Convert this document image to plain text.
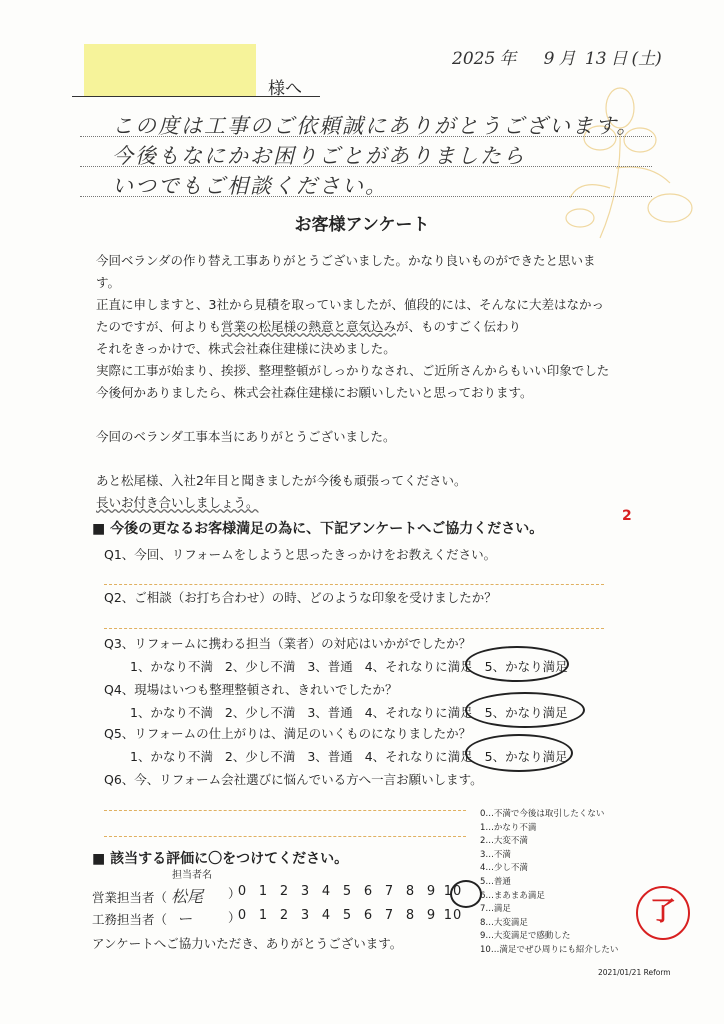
2025 年 9 月 13 日 (土)
様へ
この度は工事のご依頼誠にありがとうございます。
今後もなにかお困りごとがありましたら
いつでもご相談ください。
お客様アンケート

今回ベランダの作り替え工事ありがとうございました。かなり良いものができたと思いま

す。

正直に申しますと、3社から見積を取っていましたが、値段的には、そんなに大差はなかっ

たのですが、何よりも営業の松尾様の熱意と意気込みが、ものすごく伝わり

それをきっかけで、株式会社森住建様に決めました。

実際に工事が始まり、挨拶、整理整頓がしっかりなされ、ご近所さんからもいい印象でした

今後何かありましたら、株式会社森住建様にお願いしたいと思っております。

今回のベランダ工事本当にありがとうございました。

あと松尾様、入社2年目と聞きましたが今後も頑張ってください。

長いお付き合いしましょう。

■ 今後の更なるお客様満足の為に、下記アンケートへご協力ください。
2
Q1、今回、リフォームをしようと思ったきっかけをお教えください。
Q2、ご相談（お打ち合わせ）の時、どのような印象を受けましたか？
Q3、リフォームに携わる担当（業者）の対応はいかがでしたか？
1、かなり不満 2、少し不満 3、普通 4、それなりに満足 5、かなり満足
Q4、現場はいつも整理整頓され、きれいでしたか？
1、かなり不満 2、少し不満 3、普通 4、それなりに満足 5、かなり満足
Q5、リフォームの仕上がりは、満足のいくものになりましたか？
1、かなり不満 2、少し不満 3、普通 4、それなりに満足 5、かなり満足
Q6、今、リフォーム会社選びに悩んでいる方へ一言お願いします。
0…不満で今後は取引したくない
1…かなり不満
2…大変不満
3…不満
4…少し不満
5…普通
6…まあまあ満足
7…満足
8…大変満足
9…大変満足で感動した
10…満足でぜひ周りにも紹介したい
■ 該当する評価に〇をつけてください。
担当者名
営業担当者（ 松尾 ）
0 1 2 3 4 5 6 7 8 9 10
工務担当者（ ー	）
0 1 2 3 4 5 6 7 8 9 10
アンケートへご協力いただき、ありがとうございます。
了
2021/01/21 Reform
